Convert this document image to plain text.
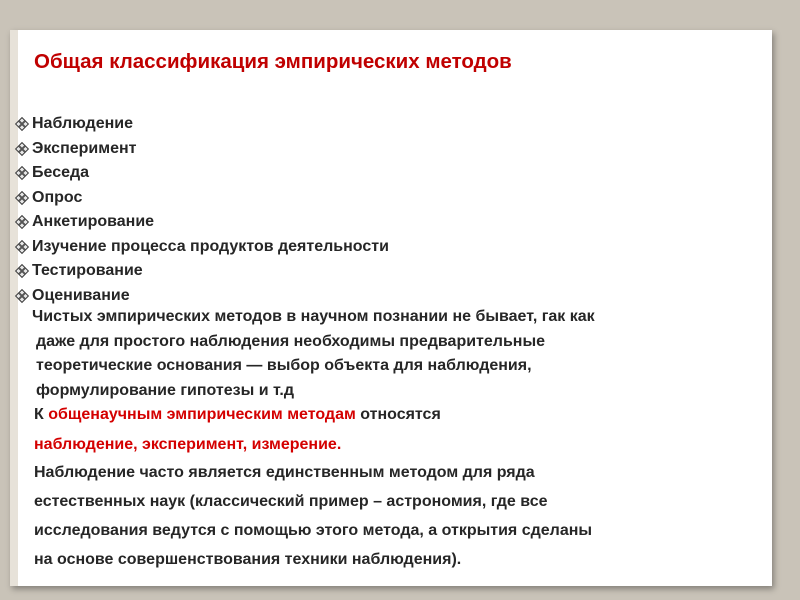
Общая классификация эмпирических методов
Наблюдение
Эксперимент
Беседа
Опрос
Анкетирование
Изучение процесса продуктов деятельности
Тестирование
Оценивание

Чистых эмпирических методов в научном познании не бывает, гак как
даже для простого наблюдения необходимы предварительные
теоретические основания — выбор объекта для наблюдения,
формулирование гипотезы и т.д

К общенаучным эмпирическим методам относятся
наблюдение, эксперимент, измерение.

Наблюдение часто является единственным методом для ряда
естественных наук (классический пример – астрономия, где все
исследования ведутся с помощью этого метода, а открытия сделаны
на основе совершенствования техники наблюдения).
